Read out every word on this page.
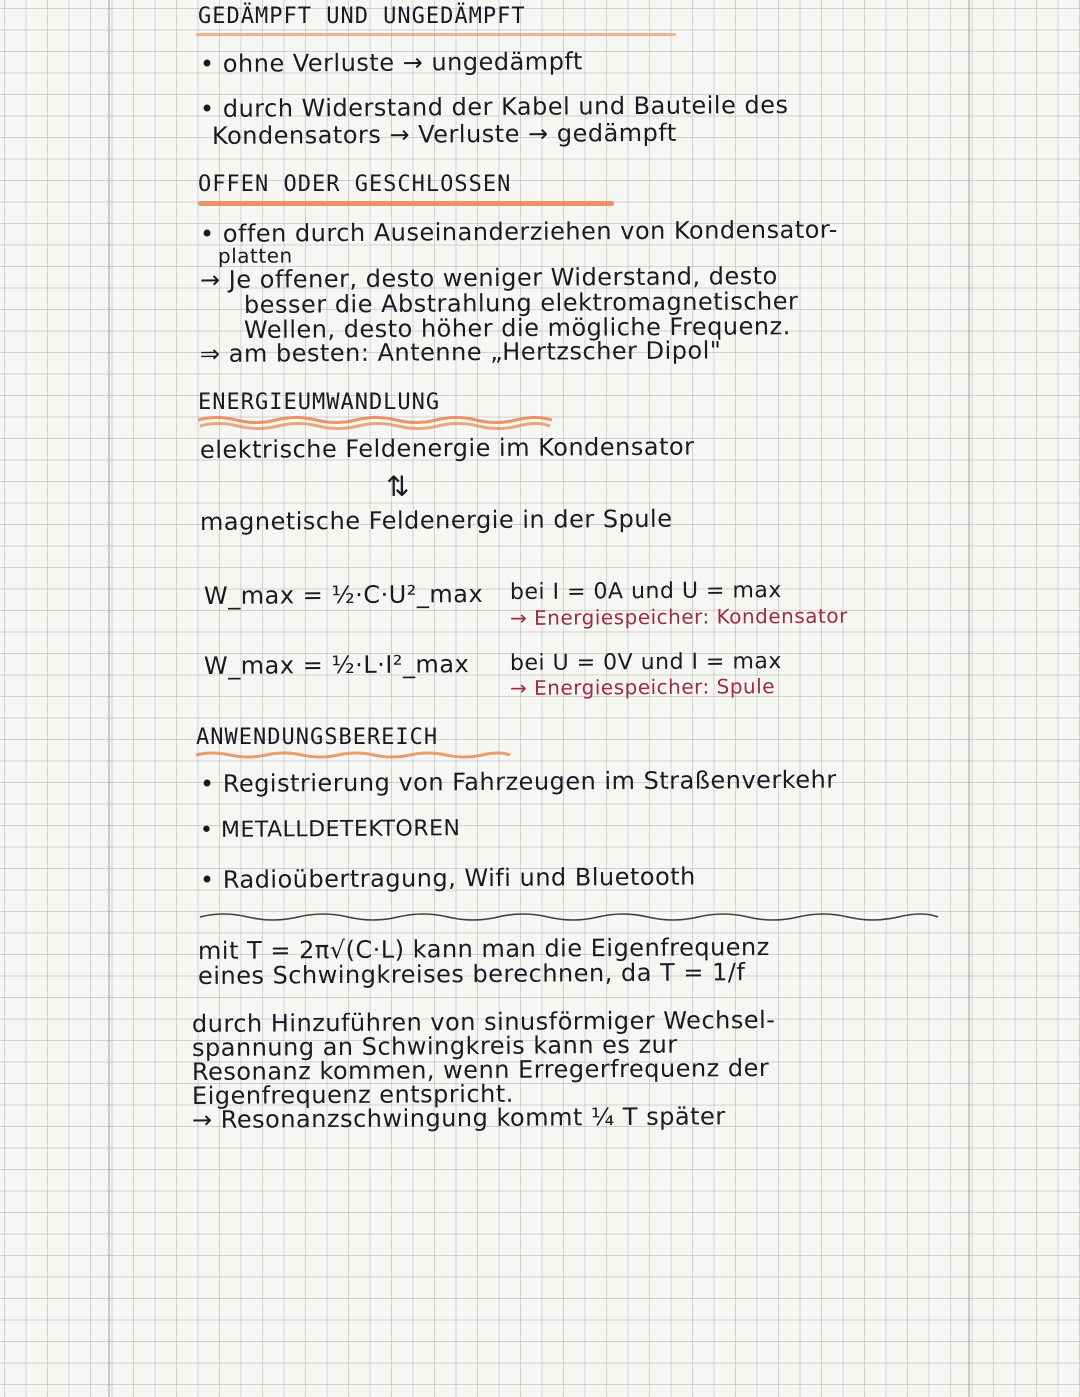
GEDÄMPFT UND UNGEDÄMPFT
• ohne Verluste → ungedämpft
• durch Widerstand der Kabel und Bauteile des
Kondensators → Verluste → gedämpft
OFFEN ODER GESCHLOSSEN
• offen durch Auseinanderziehen von Kondensator-
platten
→ Je offener, desto weniger Widerstand, desto
besser die Abstrahlung elektromagnetischer
Wellen, desto höher die mögliche Frequenz.
⇒ am besten: Antenne „Hertzscher Dipol"
ENERGIEUMWANDLUNG
elektrische Feldenergie im Kondensator
⇅
magnetische Feldenergie in der Spule
W_max = ½·C·U²_max bei I = 0A und U = max
→ Energiespeicher: Kondensator
W_max = ½·L·I²_max bei U = 0V und I = max
→ Energiespeicher: Spule
ANWENDUNGSBEREICH
• Registrierung von Fahrzeugen im Straßenverkehr
• METALLDETEKTOREN
• Radioübertragung, Wifi und Bluetooth
mit T = 2π√(C·L) kann man die Eigenfrequenz
eines Schwingkreises berechnen, da T = 1/f
durch Hinzuführen von sinusförmiger Wechsel-
spannung an Schwingkreis kann es zur
Resonanz kommen, wenn Erregerfrequenz der
Eigenfrequenz entspricht.
→ Resonanzschwingung kommt ¼ T später
